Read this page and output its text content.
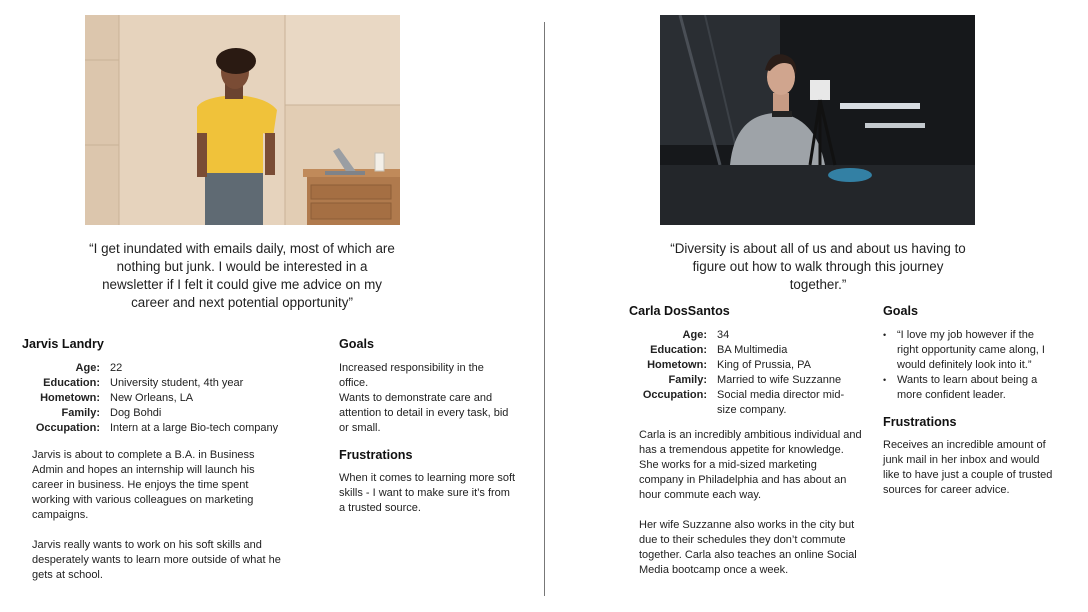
“I get inundated with emails daily, most of which are
nothing but junk. I would be interested in a
newsletter if I felt it could give me advice on my
career and next potential opportunity”
Jarvis Landry
Age: 22
Education: University student, 4th year
Hometown: New Orleans, LA
Family: Dog Bohdi
Occupation: Intern at a large Bio-tech company

Jarvis is about to complete a B.A. in Business Admin and hopes an internship will launch his career in business. He enjoys the time spent working with various colleagues on marketing campaigns.

Jarvis really wants to work on his soft skills and desperately wants to learn more outside of what he gets at school.

Goals
Increased responsibility in the office.
Wants to demonstrate care and attention to detail in every task, bid or small.
Frustrations
When it comes to learning more soft skills - I want to make sure it’s from a trusted source.
“Diversity is about all of us and about us having to
figure out how to walk through this journey
together.”
Carla DosSantos
Age: 34
Education: BA Multimedia
Hometown: King of Prussia, PA
Family: Married to wife Suzzanne
Occupation: Social media director mid-size company.

Carla is an incredibly ambitious individual and has a tremendous appetite for knowledge. She works for a mid-sized marketing company in Philadelphia and has about an hour commute each way.

Her wife Suzzanne also works in the city but due to their schedules they don’t commute together. Carla also teaches an online Social Media bootcamp once a week.

Goals
• “I love my job however if the right opportunity came along, I would definitely look into it.”
• Wants to learn about being a more confident leader.
Frustrations
Receives an incredible amount of junk mail in her inbox and would like to have just a couple of trusted sources for career advice.
